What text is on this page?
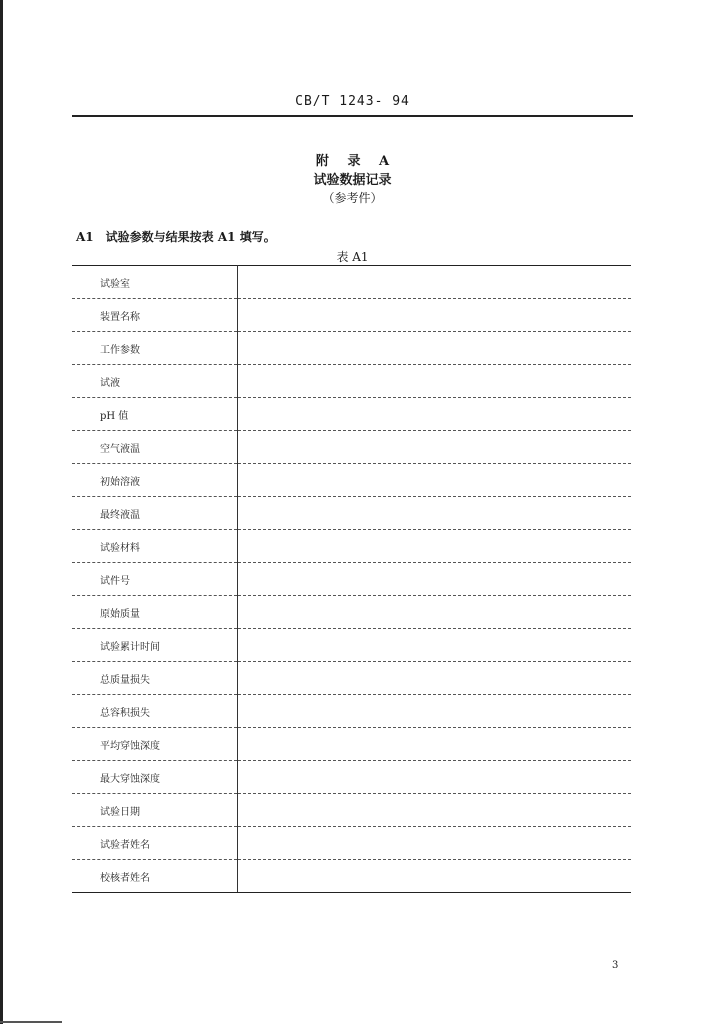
CB/T 1243- 94
附 录 A
试验数据记录
（参考件）
A1 试验参数与结果按表 A1 填写。
表 A1
试验室	
装置名称	
工作参数	
试液	
pH 值	
空气液温	
初始溶液	
最终液温	
试验材料	
试件号	
原始质量	
试验累计时间	
总质量损失	
总容积损失	
平均穿蚀深度	
最大穿蚀深度	
试验日期	
试验者姓名	
校核者姓名	
3
